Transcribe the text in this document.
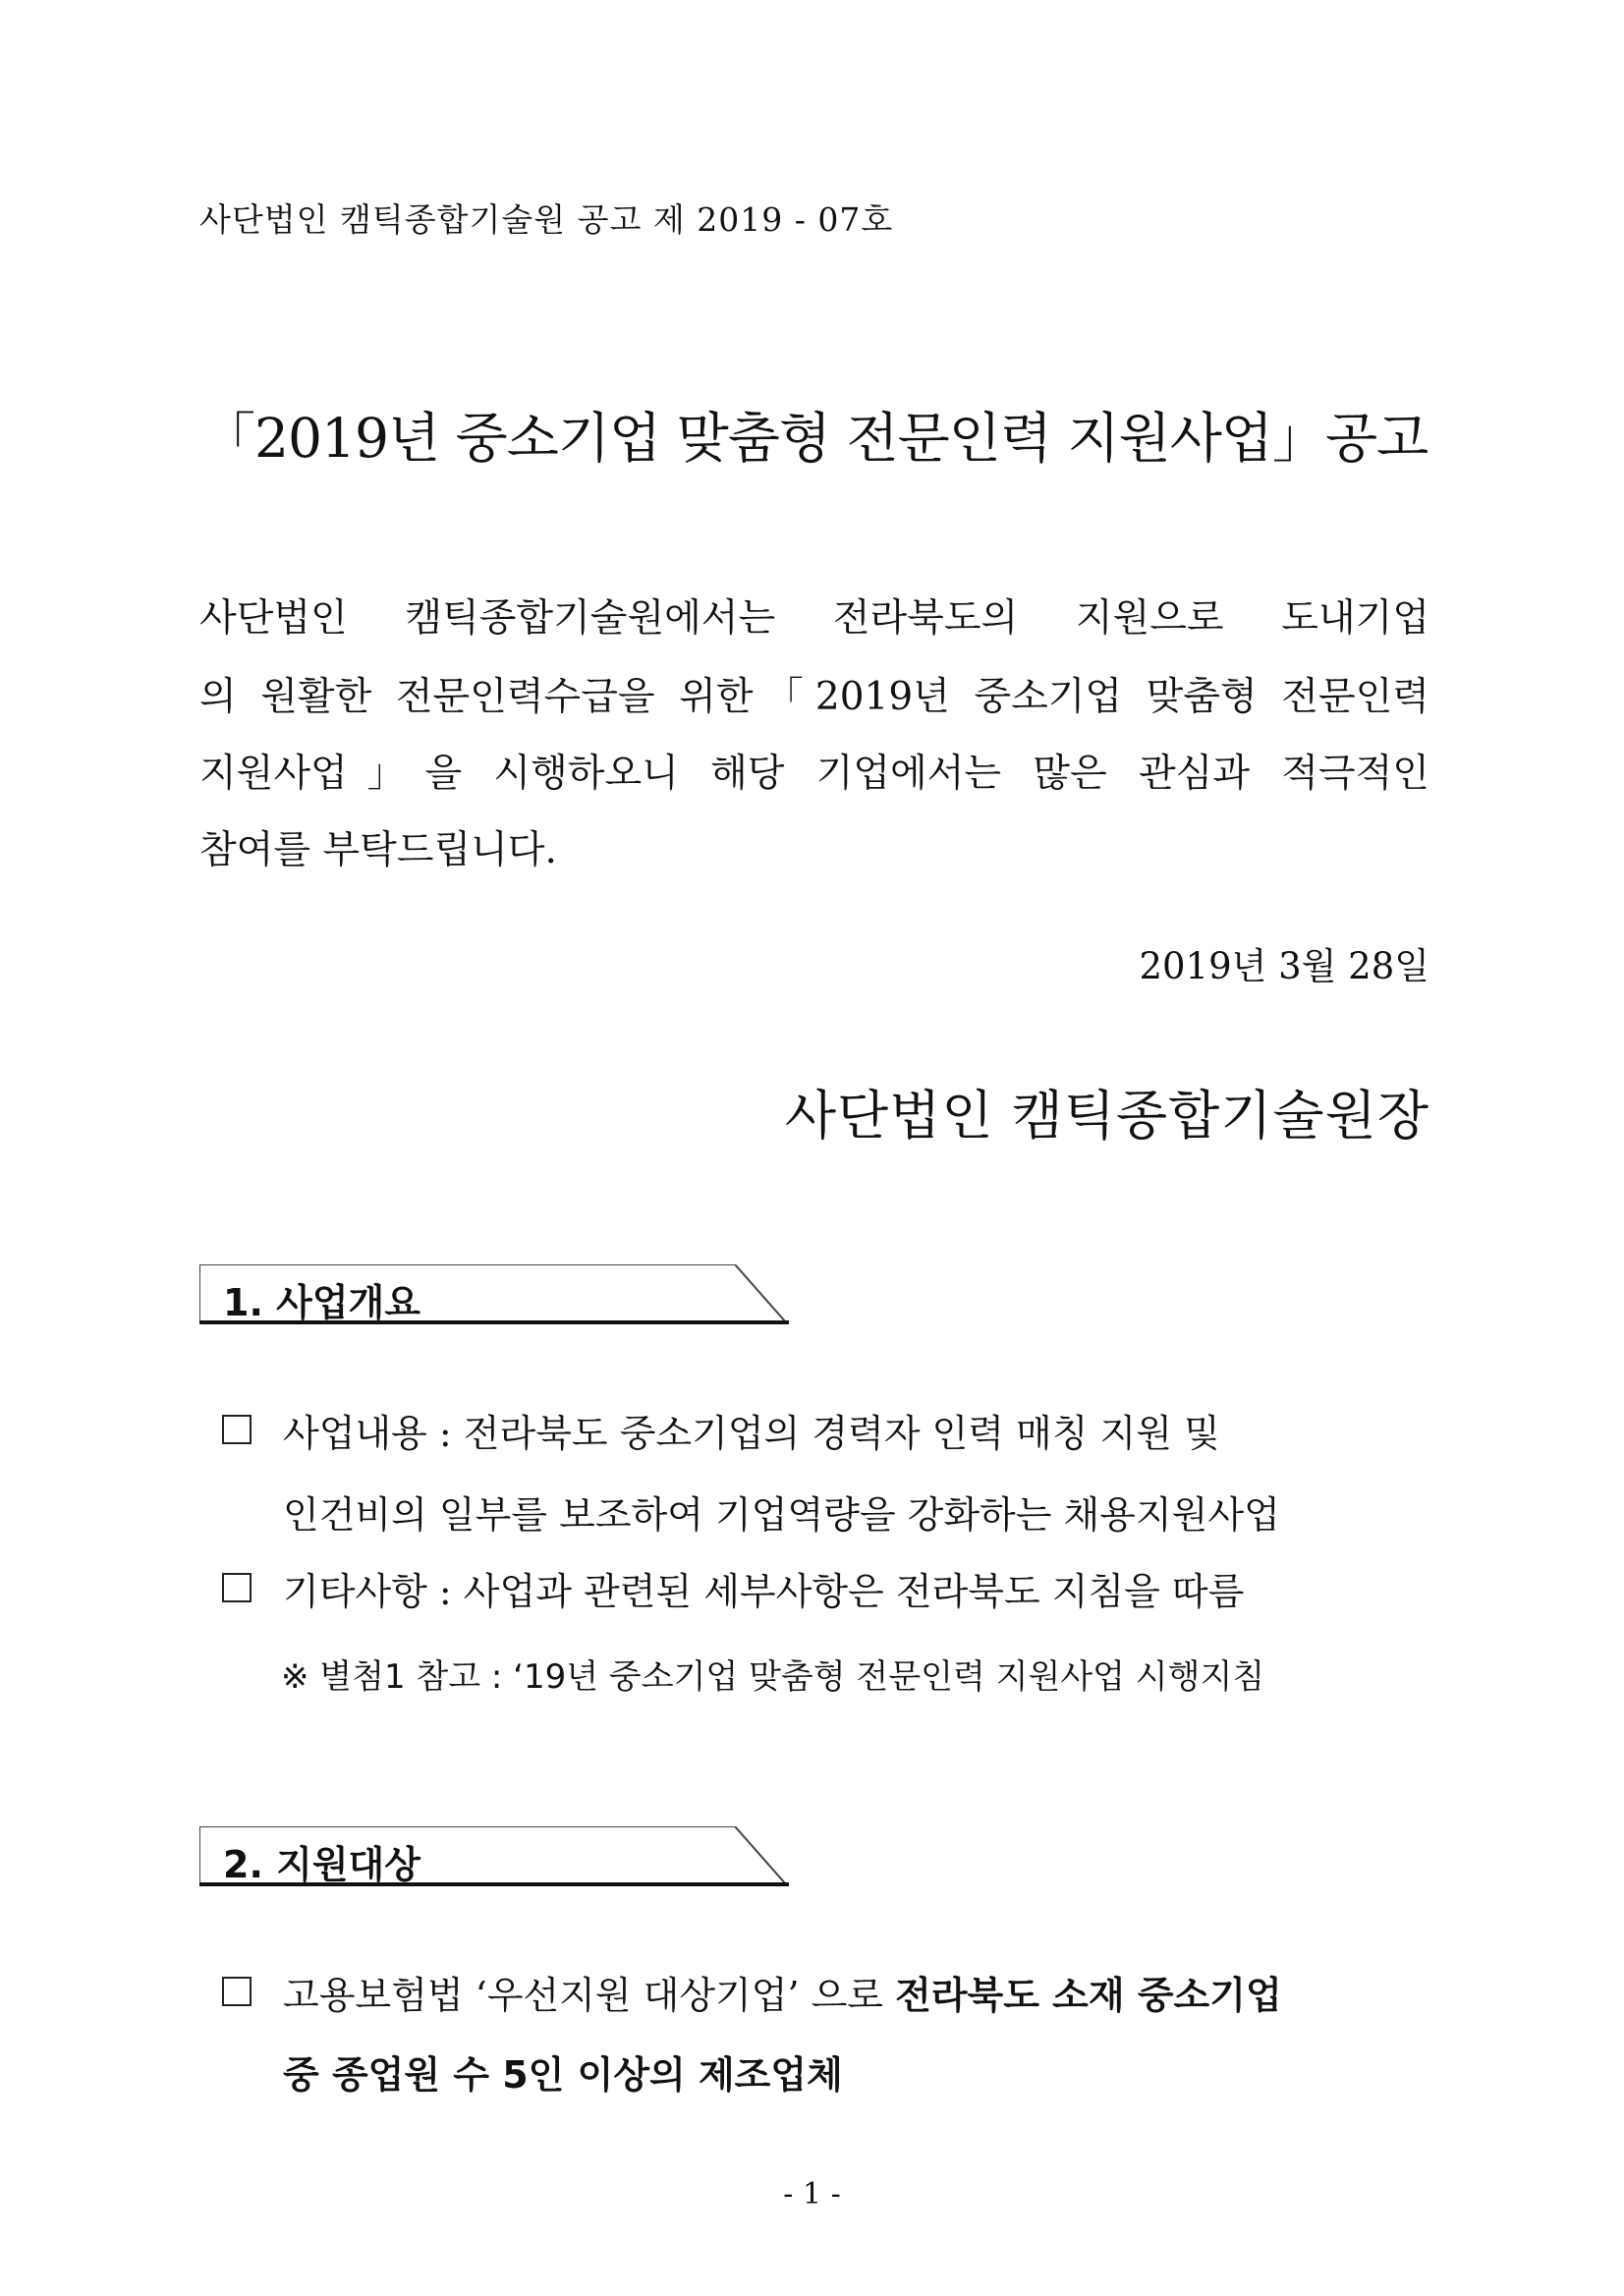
사단법인 캠틱종합기술원 공고 제 2019 - 07호
「2019년 중소기업 맞춤형 전문인력 지원사업」공고
사단법인 캠틱종합기술원에서는 전라북도의 지원으로 도내기업
의 원활한 전문인력수급을 위한「2019년 중소기업 맞춤형 전문인력
지원사업」을 시행하오니 해당 기업에서는 많은 관심과 적극적인
참여를 부탁드립니다.
2019년 3월 28일
사단법인 캠틱종합기술원장
1. 사업개요
사업내용 : 전라북도 중소기업의 경력자 인력 매칭 지원 및
인건비의 일부를 보조하여 기업역량을 강화하는 채용지원사업
기타사항 : 사업과 관련된 세부사항은 전라북도 지침을 따름
※ 별첨1 참고 : ‘19년 중소기업 맞춤형 전문인력 지원사업 시행지침
2. 지원대상
고용보험법 ‘우선지원 대상기업’ 으로 전라북도 소재 중소기업
중 종업원 수 5인 이상의 제조업체
- 1 -
